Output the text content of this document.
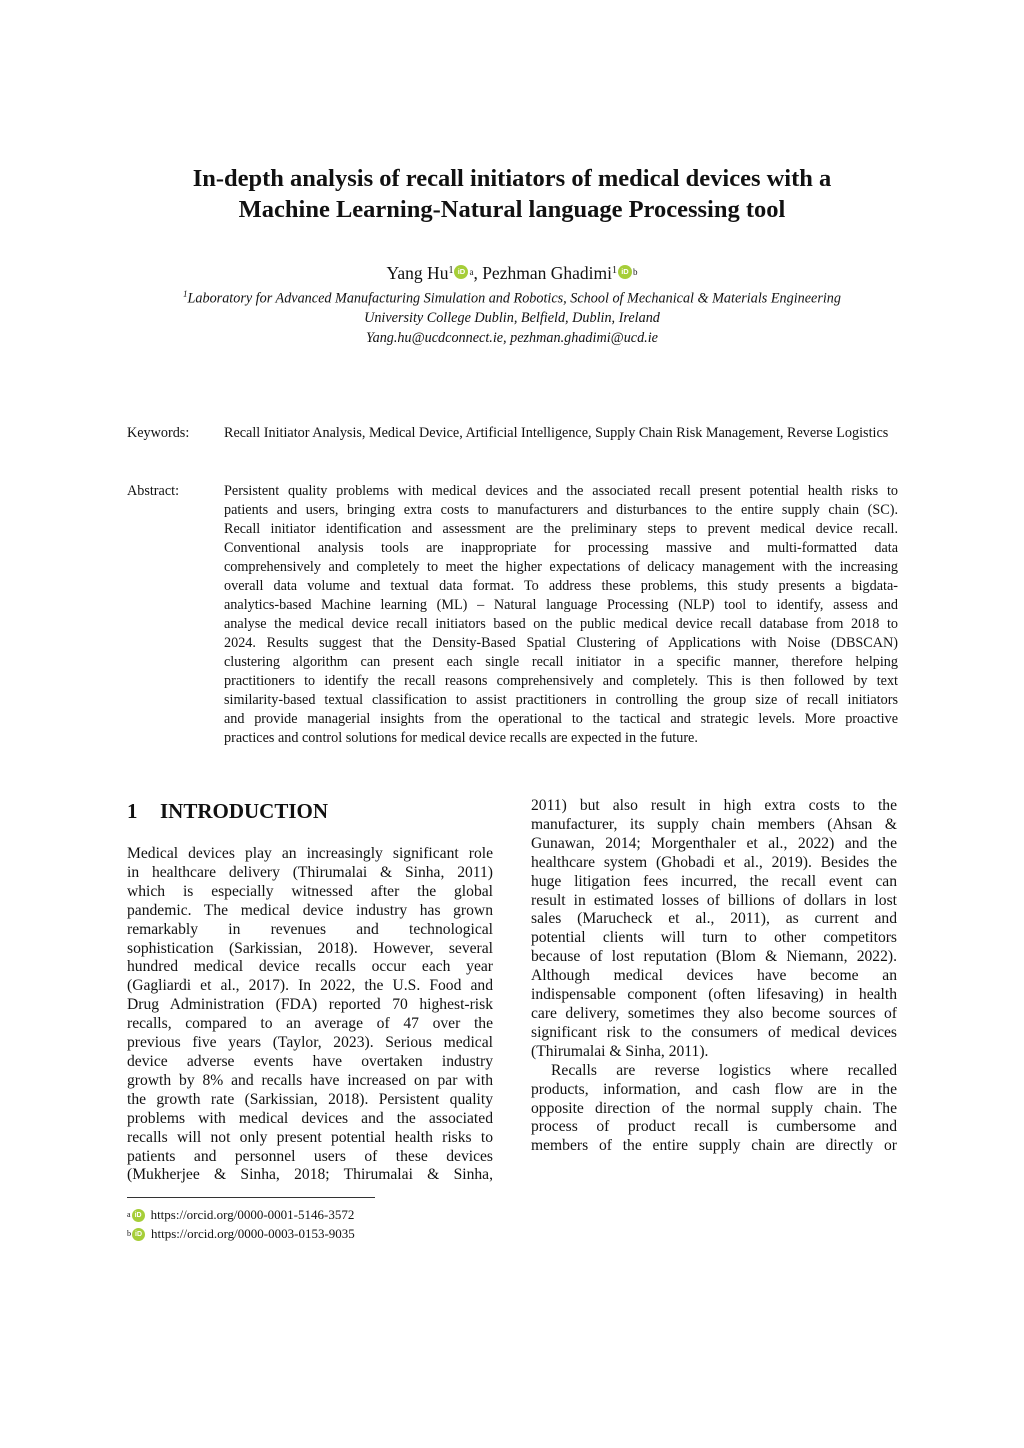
In-depth analysis of recall initiators of medical devices with a
Machine Learning-Natural language Processing tool
Yang Hu$^1$ iD $^a$, Pezhman Ghadimi$^1$ iD $^b$
$^1$Laboratory for Advanced Manufacturing Simulation and Robotics, School of Mechanical & Materials Engineering
University College Dublin, Belfield, Dublin, Ireland
Yang.hu@ucdconnect.ie, pezhman.ghadimi@ucd.ie
Keywords: Recall Initiator Analysis, Medical Device, Artificial Intelligence, Supply Chain Risk Management, Reverse Logistics
Abstract:	Persistent quality problems with medical devices and the associated recall present potential health risks to
patients and users, bringing extra costs to manufacturers and disturbances to the entire supply chain (SC).
Recall initiator identification and assessment are the preliminary steps to prevent medical device recall.
Conventional analysis tools are inappropriate for processing massive and multi-formatted data
comprehensively and completely to meet the higher expectations of delicacy management with the increasing
overall data volume and textual data format. To address these problems, this study presents a bigdata-
analytics-based Machine learning (ML) – Natural language Processing (NLP) tool to identify, assess and
analyse the medical device recall initiators based on the public medical device recall database from 2018 to
2024. Results suggest that the Density-Based Spatial Clustering of Applications with Noise (DBSCAN)
clustering algorithm can present each single recall initiator in a specific manner, therefore helping
practitioners to identify the recall reasons comprehensively and completely. This is then followed by text
similarity-based textual classification to assist practitioners in controlling the group size of recall initiators
and provide managerial insights from the operational to the tactical and strategic levels. More proactive
practices and control solutions for medical device recalls are expected in the future.
1 INTRODUCTION
Medical devices play an increasingly significant role
in healthcare delivery (Thirumalai & Sinha, 2011)
which is especially witnessed after the global
pandemic. The medical device industry has grown
remarkably in revenues and technological
sophistication (Sarkissian, 2018). However, several
hundred medical device recalls occur each year
(Gagliardi et al., 2017). In 2022, the U.S. Food and
Drug Administration (FDA) reported 70 highest-risk
recalls, compared to an average of 47 over the
previous five years (Taylor, 2023). Serious medical
device adverse events have overtaken industry
growth by 8% and recalls have increased on par with
the growth rate (Sarkissian, 2018). Persistent quality
problems with medical devices and the associated
recalls will not only present potential health risks to
patients and personnel users of these devices
(Mukherjee & Sinha, 2018; Thirumalai & Sinha,
2011) but also result in high extra costs to the
manufacturer, its supply chain members (Ahsan &
Gunawan, 2014; Morgenthaler et al., 2022) and the
healthcare system (Ghobadi et al., 2019). Besides the
huge litigation fees incurred, the recall event can
result in estimated losses of billions of dollars in lost
sales (Marucheck et al., 2011), as current and
potential clients will turn to other competitors
because of lost reputation (Blom & Niemann, 2022).
Although medical devices have become an
indispensable component (often lifesaving) in health
care delivery, sometimes they also become sources of
significant risk to the consumers of medical devices
(Thirumalai & Sinha, 2011).
Recalls are reverse logistics where recalled
products, information, and cash flow are in the
opposite direction of the normal supply chain. The
process of product recall is cumbersome and
members of the entire supply chain are directly or
$^a$ iD https://orcid.org/0000-0001-5146-3572
$^b$ iD https://orcid.org/0000-0003-0153-9035
